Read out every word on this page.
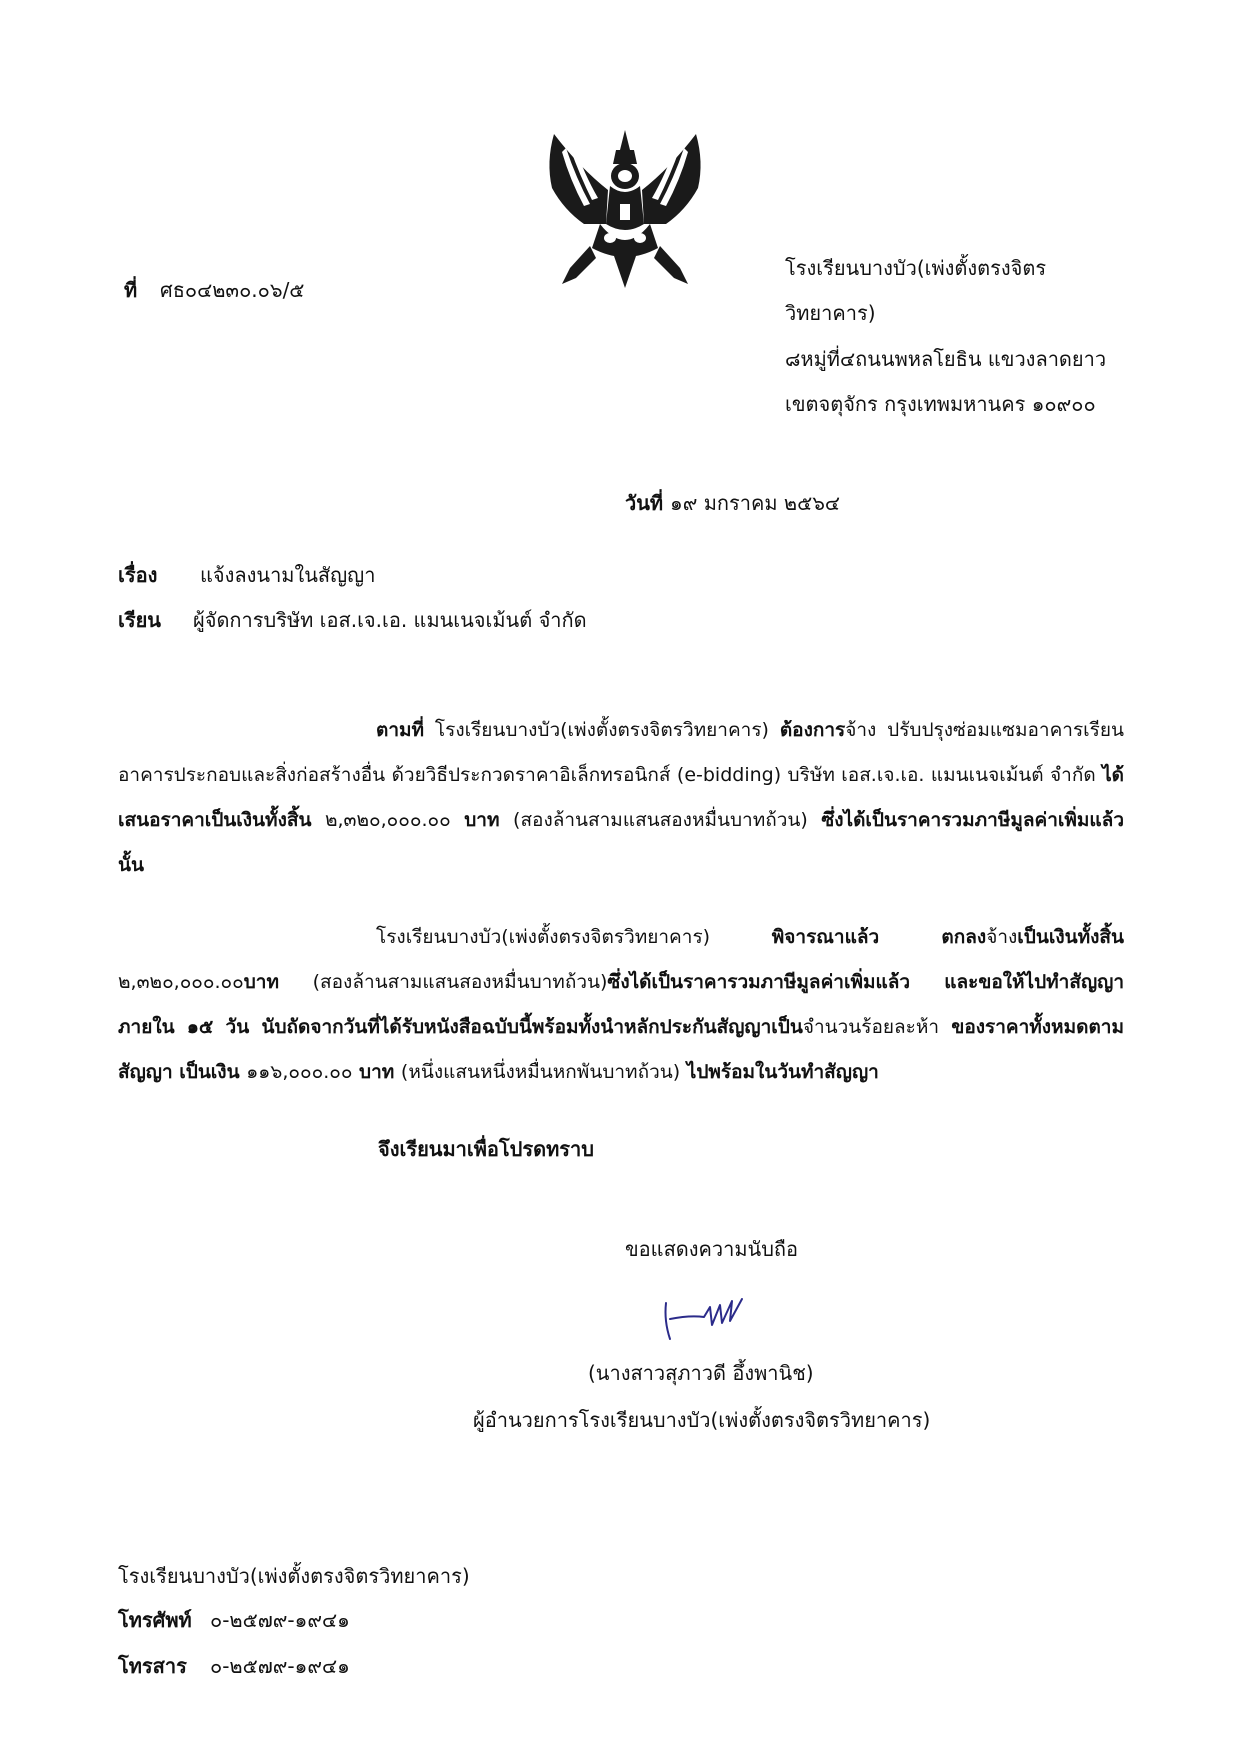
ที่ ศธ๐๔๒๓๐.๐๖/๕
โรงเรียนบางบัว(เพ่งตั้งตรงจิตร
วิทยาคาร)
๘หมู่ที่๔ถนนพหลโยธิน แขวงลาดยาว
เขตจตุจักร กรุงเทพมหานคร ๑๐๙๐๐
วันที่ ๑๙ มกราคม ๒๕๖๔
เรื่อง แจ้งลงนามในสัญญา
เรียน ผู้จัดการบริษัท เอส.เจ.เอ. แมนเนจเม้นต์ จำกัด
ตามที่ โรงเรียนบางบัว(เพ่งตั้งตรงจิตรวิทยาคาร) ต้องการจ้าง ปรับปรุงซ่อมแซมอาคารเรียนอาคารประกอบและสิ่งก่อสร้างอื่น ด้วยวิธีประกวดราคาอิเล็กทรอนิกส์ (e-bidding) บริษัท เอส.เจ.เอ. แมนเนจเม้นต์ จำกัด ได้เสนอราคาเป็นเงินทั้งสิ้น ๒,๓๒๐,๐๐๐.๐๐ บาท (สองล้านสามแสนสองหมื่นบาทถ้วน) ซึ่งได้เป็นราคารวมภาษีมูลค่าเพิ่มแล้ว นั้น
โรงเรียนบางบัว(เพ่งตั้งตรงจิตรวิทยาคาร) พิจารณาแล้ว ตกลงจ้างเป็นเงินทั้งสิ้น ๒,๓๒๐,๐๐๐.๐๐บาท (สองล้านสามแสนสองหมื่นบาทถ้วน)ซึ่งได้เป็นราคารวมภาษีมูลค่าเพิ่มแล้ว และขอให้ไปทำสัญญาภายใน ๑๕ วัน นับถัดจากวันที่ได้รับหนังสือฉบับนี้พร้อมทั้งนำหลักประกันสัญญาเป็นจำนวนร้อยละห้า ของราคาทั้งหมดตามสัญญา เป็นเงิน ๑๑๖,๐๐๐.๐๐ บาท (หนึ่งแสนหนึ่งหมื่นหกพันบาทถ้วน) ไปพร้อมในวันทำสัญญา
จึงเรียนมาเพื่อโปรดทราบ
ขอแสดงความนับถือ
(นางสาวสุภาวดี อึ้งพานิช)
ผู้อำนวยการโรงเรียนบางบัว(เพ่งตั้งตรงจิตรวิทยาคาร)
โรงเรียนบางบัว(เพ่งตั้งตรงจิตรวิทยาคาร)
โทรศัพท์ ๐-๒๕๗๙-๑๙๔๑
โทรสาร ๐-๒๕๗๙-๑๙๔๑
